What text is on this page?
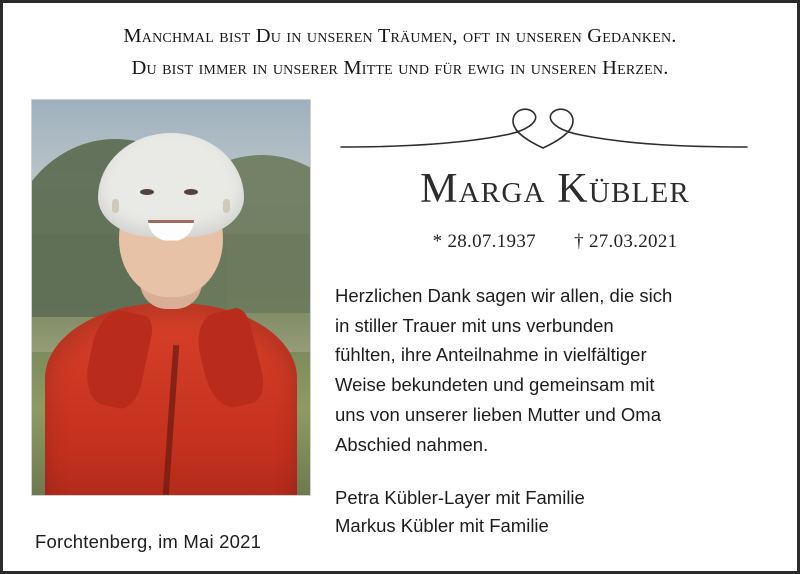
Manchmal bist Du in unseren Träumen, oft in unseren Gedanken.
Du bist immer in unserer Mitte und für ewig in unseren Herzen.
Marga Kübler
* 28.07.1937 † 27.03.2021
Herzlichen Dank sagen wir allen, die sich
in stiller Trauer mit uns verbunden
fühlten, ihre Anteilnahme in vielfältiger
Weise bekundeten und gemeinsam mit
uns von unserer lieben Mutter und Oma
Abschied nahmen.
Petra Kübler-Layer mit Familie
Markus Kübler mit Familie
Forchtenberg, im Mai 2021
